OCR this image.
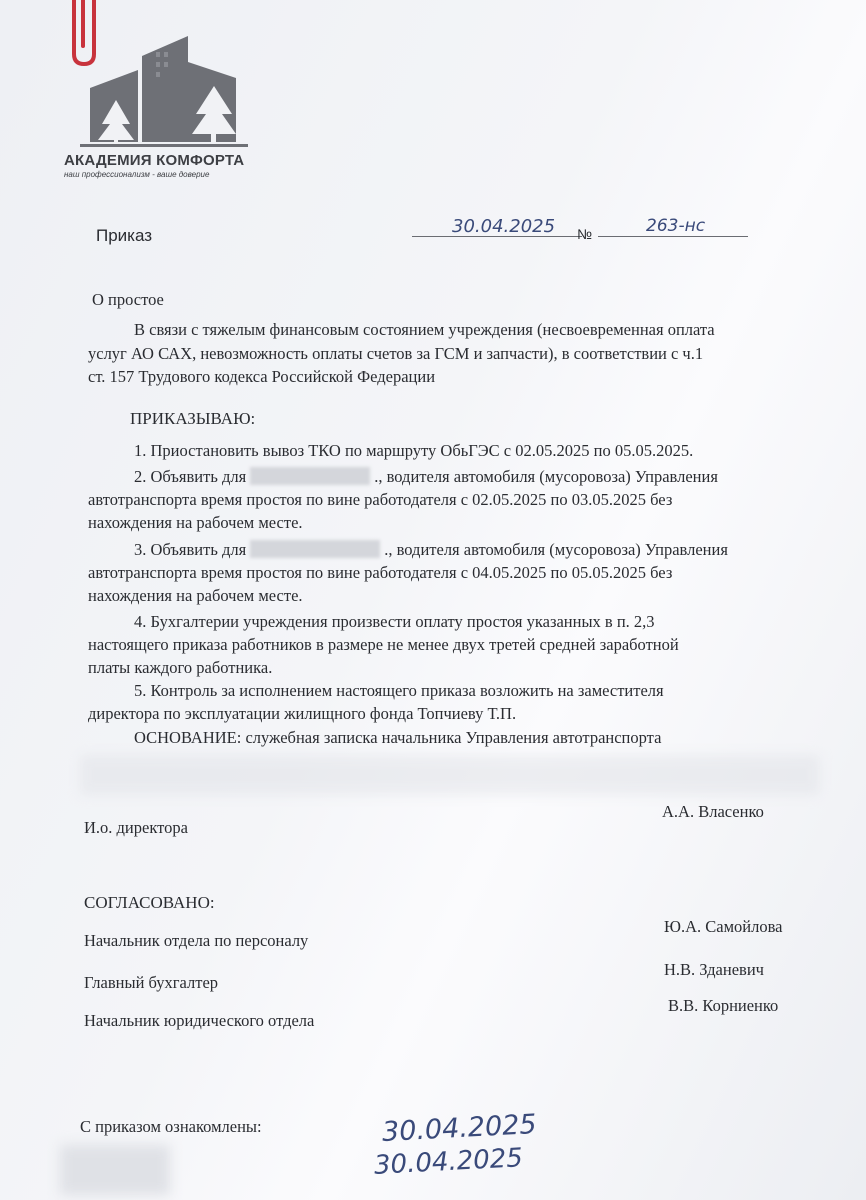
АКАДЕМИЯ КОМФОРТА
наш профессионализм - ваше доверие
Приказ	30.04.2025 №	263-нс
О простое
В связи с тяжелым финансовым состоянием учреждения (несвоевременная оплата
услуг АО САХ, невозможность оплаты счетов за ГСМ и запчасти), в соответствии с ч.1
ст. 157 Трудового кодекса Российской Федерации
ПРИКАЗЫВАЮ:
1. Приостановить вывоз ТКО по маршруту ОбьГЭС с 02.05.2025 по 05.05.2025.
2. Объявить для	., водителя автомобиля (мусоровоза) Управления
автотранспорта время простоя по вине работодателя с 02.05.2025 по 03.05.2025 без
нахождения на рабочем месте.
3. Объявить для	., водителя автомобиля (мусоровоза) Управления
автотранспорта время простоя по вине работодателя с 04.05.2025 по 05.05.2025 без
нахождения на рабочем месте.
4. Бухгалтерии учреждения произвести оплату простоя указанных в п. 2,3
настоящего приказа работников в размере не менее двух третей средней заработной
платы каждого работника.
5. Контроль за исполнением настоящего приказа возложить на заместителя
директора по эксплуатации жилищного фонда Топчиеву Т.П.
ОСНОВАНИЕ: служебная записка начальника Управления автотранспорта
И.о. директора
А.А. Власенко
СОГЛАСОВАНО:
Начальник отдела по персоналу
Ю.А. Самойлова
Главный бухгалтер
Н.В. Зданевич
Начальник юридического отдела
В.В. Корниенко
С приказом ознакомлены:	30.04.2025
30.04.2025
